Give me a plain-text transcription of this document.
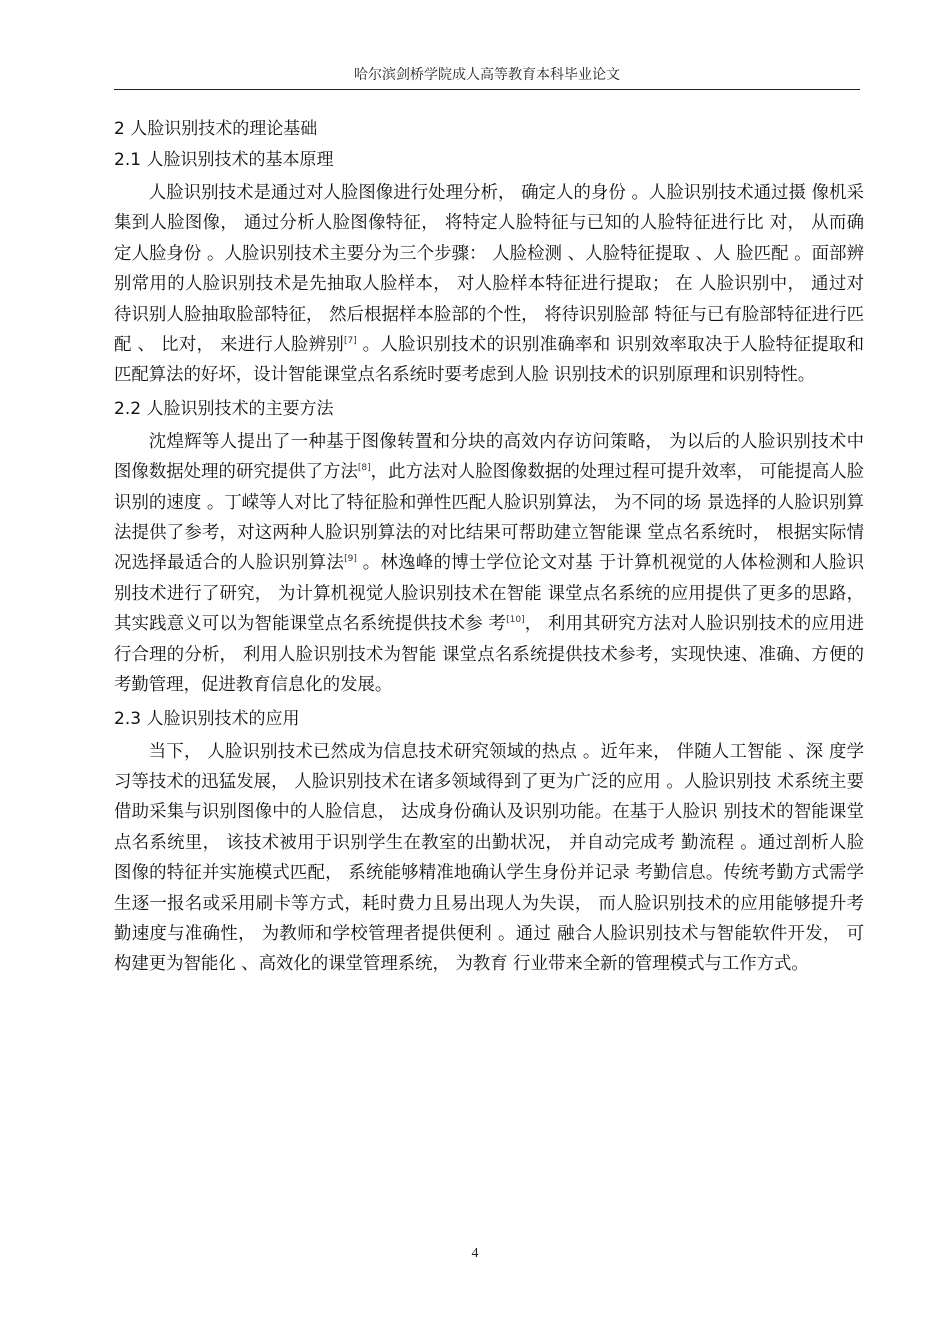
哈尔滨剑桥学院成人高等教育本科毕业论文
2 人脸识别技术的理论基础
2.1 人脸识别技术的基本原理

人脸识别技术是通过对人脸图像进行处理分析， 确定人的身份 。人脸识别技术通过摄 像机采集到人脸图像， 通过分析人脸图像特征， 将特定人脸特征与已知的人脸特征进行比 对， 从而确定人脸身份 。人脸识别技术主要分为三个步骤： 人脸检测 、人脸特征提取 、人 脸匹配 。面部辨别常用的人脸识别技术是先抽取人脸样本， 对人脸样本特征进行提取； 在 人脸识别中， 通过对待识别人脸抽取脸部特征， 然后根据样本脸部的个性， 将待识别脸部 特征与已有脸部特征进行匹配 、 比对， 来进行人脸辨别[7] 。人脸识别技术的识别准确率和 识别效率取决于人脸特征提取和匹配算法的好坏，设计智能课堂点名系统时要考虑到人脸 识别技术的识别原理和识别特性。

2.2 人脸识别技术的主要方法

沈煌辉等人提出了一种基于图像转置和分块的高效内存访问策略， 为以后的人脸识别技术中图像数据处理的研究提供了方法[8]，此方法对人脸图像数据的处理过程可提升效率， 可能提高人脸识别的速度 。丁嵘等人对比了特征脸和弹性匹配人脸识别算法， 为不同的场 景选择的人脸识别算法提供了参考，对这两种人脸识别算法的对比结果可帮助建立智能课 堂点名系统时， 根据实际情况选择最适合的人脸识别算法[9] 。林逸峰的博士学位论文对基 于计算机视觉的人体检测和人脸识别技术进行了研究， 为计算机视觉人脸识别技术在智能 课堂点名系统的应用提供了更多的思路， 其实践意义可以为智能课堂点名系统提供技术参 考[10]， 利用其研究方法对人脸识别技术的应用进行合理的分析， 利用人脸识别技术为智能 课堂点名系统提供技术参考，实现快速、准确、方便的考勤管理，促进教育信息化的发展。

2.3 人脸识别技术的应用

当下， 人脸识别技术已然成为信息技术研究领域的热点 。近年来， 伴随人工智能 、深 度学习等技术的迅猛发展， 人脸识别技术在诸多领域得到了更为广泛的应用 。人脸识别技 术系统主要借助采集与识别图像中的人脸信息， 达成身份确认及识别功能。在基于人脸识 别技术的智能课堂点名系统里， 该技术被用于识别学生在教室的出勤状况， 并自动完成考 勤流程 。通过剖析人脸图像的特征并实施模式匹配， 系统能够精准地确认学生身份并记录 考勤信息。传统考勤方式需学生逐一报名或采用刷卡等方式，耗时费力且易出现人为失误， 而人脸识别技术的应用能够提升考勤速度与准确性， 为教师和学校管理者提供便利 。通过 融合人脸识别技术与智能软件开发， 可构建更为智能化 、高效化的课堂管理系统， 为教育 行业带来全新的管理模式与工作方式。

4
